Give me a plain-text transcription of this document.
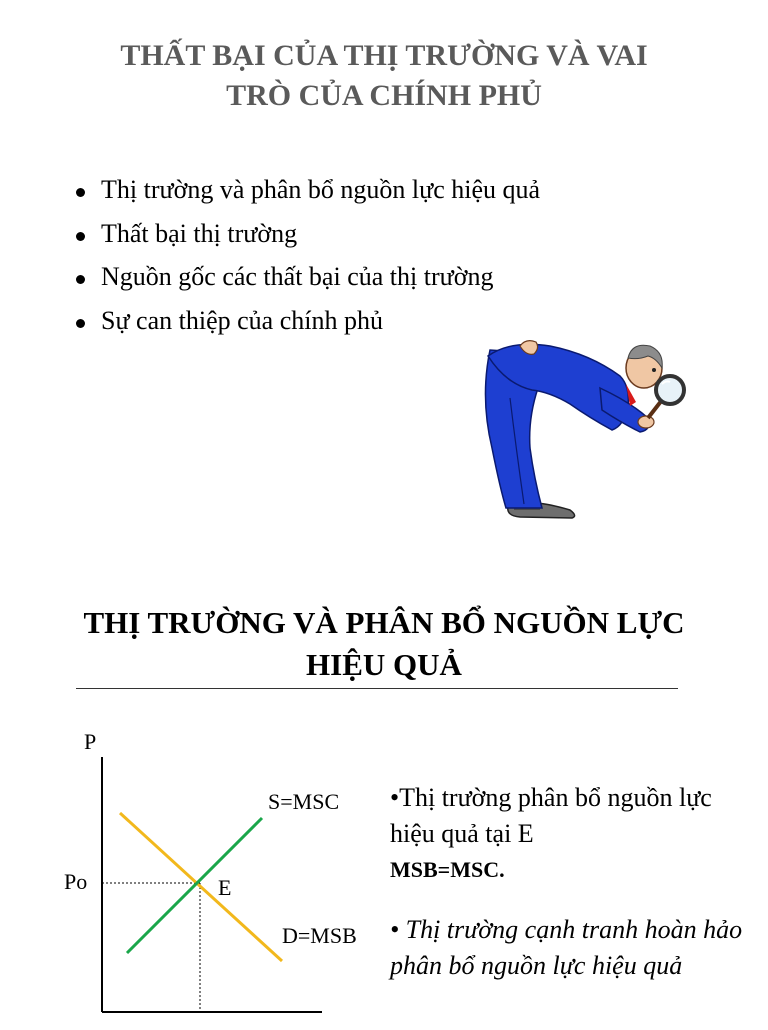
THẤT BẠI CỦA THỊ TRƯỜNG VÀ VAI
TRÒ CỦA CHÍNH PHỦ
Thị trường và phân bổ nguồn lực hiệu quả
Thất bại thị trường
Nguồn gốc các thất bại của thị trường
Sự can thiệp của chính phủ
THỊ TRƯỜNG VÀ PHÂN BỔ NGUỒN LỰC
HIỆU QUẢ
P
S=MSC
D=MSB
E
Po
•Thị trường phân bổ nguồn lực hiệu quả tại E
MSB=MSC.
• Thị trường cạnh tranh hoàn hảo phân bổ nguồn lực hiệu quả
